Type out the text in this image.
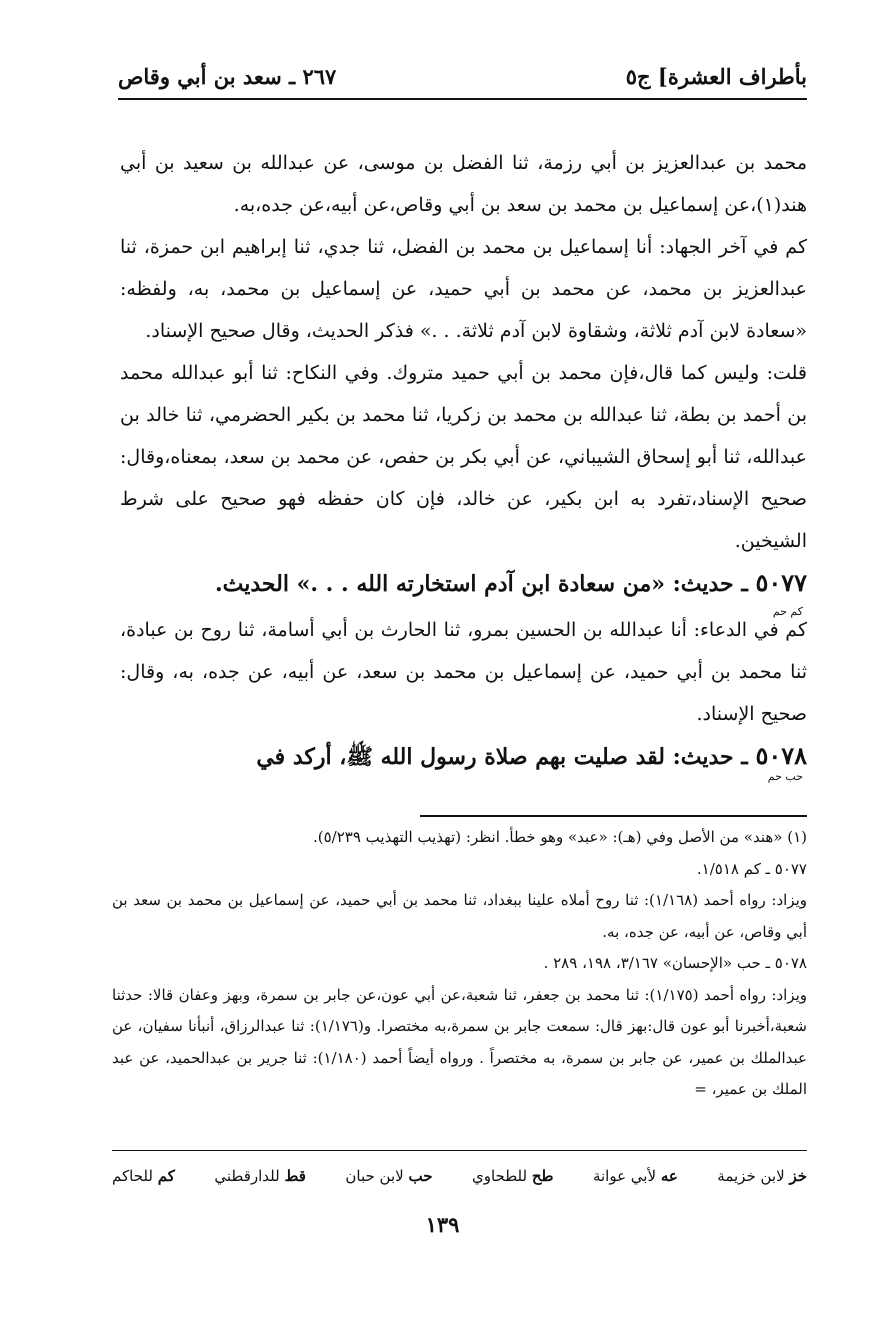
بأطراف العشرة] ج٥
٢٦٧ ـ سعد بن أبي وقاص

محمد بن عبدالعزيز بن أبي رزمة، ثنا الفضل بن موسى، عن عبدالله بن سعيد بن أبي هند(١)،عن إسماعيل بن محمد بن سعد بن أبي وقاص،عن أبيه،عن جده،به.

كم في آخر الجهاد: أنا إسماعيل بن محمد بن الفضل، ثنا جدي، ثنا إبراهيم ابن حمزة، ثنا عبدالعزيز بن محمد، عن محمد بن أبي حميد، عن إسماعيل بن محمد، به، ولفظه: «سعادة لابن آدم ثلاثة، وشقاوة لابن آدم ثلاثة. . .» فذكر الحديث، وقال صحيح الإسناد.

قلت: وليس كما قال،فإن محمد بن أبي حميد متروك. وفي النكاح: ثنا أبو عبدالله محمد بن أحمد بن بطة، ثنا عبدالله بن محمد بن زكريا، ثنا محمد بن بكير الحضرمي، ثنا خالد بن عبدالله، ثنا أبو إسحاق الشيباني، عن أبي بكر بن حفص، عن محمد بن سعد، بمعناه،وقال: صحيح الإسناد،تفرد به ابن بكير، عن خالد، فإن كان حفظه فهو صحيح على شرط الشيخين.

٥٠٧٧ ـ حديث: «من سعادة ابن آدم استخارته الله . . .» الحديث.

كم حم

كم في الدعاء: أنا عبدالله بن الحسين بمرو، ثنا الحارث بن أبي أسامة، ثنا روح بن عبادة، ثنا محمد بن أبي حميد، عن إسماعيل بن محمد بن سعد، عن أبيه، عن جده، به، وقال: صحيح الإسناد.

٥٠٧٨ ـ حديث: لقد صليت بهم صلاة رسول الله ﷺ، أركد في

حب حم

(١) «هند» من الأصل وفي (هـ): «عبد» وهو خطأ. انظر: (تهذيب التهذيب ٥/٢٣٩).

٥٠٧٧ ـ كم ١/٥١٨.

ويزاد: رواه أحمد (١/١٦٨): ثنا روح أملاه علينا ببغداد، ثنا محمد بن أبي حميد، عن إسماعيل بن محمد بن سعد بن أبي وقاص، عن أبيه، عن جده، به.

٥٠٧٨ ـ حب «الإحسان» ٣/١٦٧، ١٩٨، ٢٨٩ .

ويزاد: رواه أحمد (١/١٧٥): ثنا محمد بن جعفر، ثنا شعبة،عن أبي عون،عن جابر بن سمرة، وبهز وعفان قالا: حدثنا شعبة،أخبرنا أبو عون قال:بهز قال: سمعت جابر بن سمرة،به مختصرا. و(١/١٧٦): ثنا عبدالرزاق، أنبأنا سفيان، عن عبدالملك بن عمير، عن جابر بن سمرة، به مختصراً . ورواه أيضاً أحمد (١/١٨٠): ثنا جرير بن عبدالحميد، عن عبد الملك بن عمير، =

خز لابن خزيمة
عه لأبي عوانة
طح للطحاوي
حب لابن حبان
قط للدارقطني
كم للحاكم
١٣٩
